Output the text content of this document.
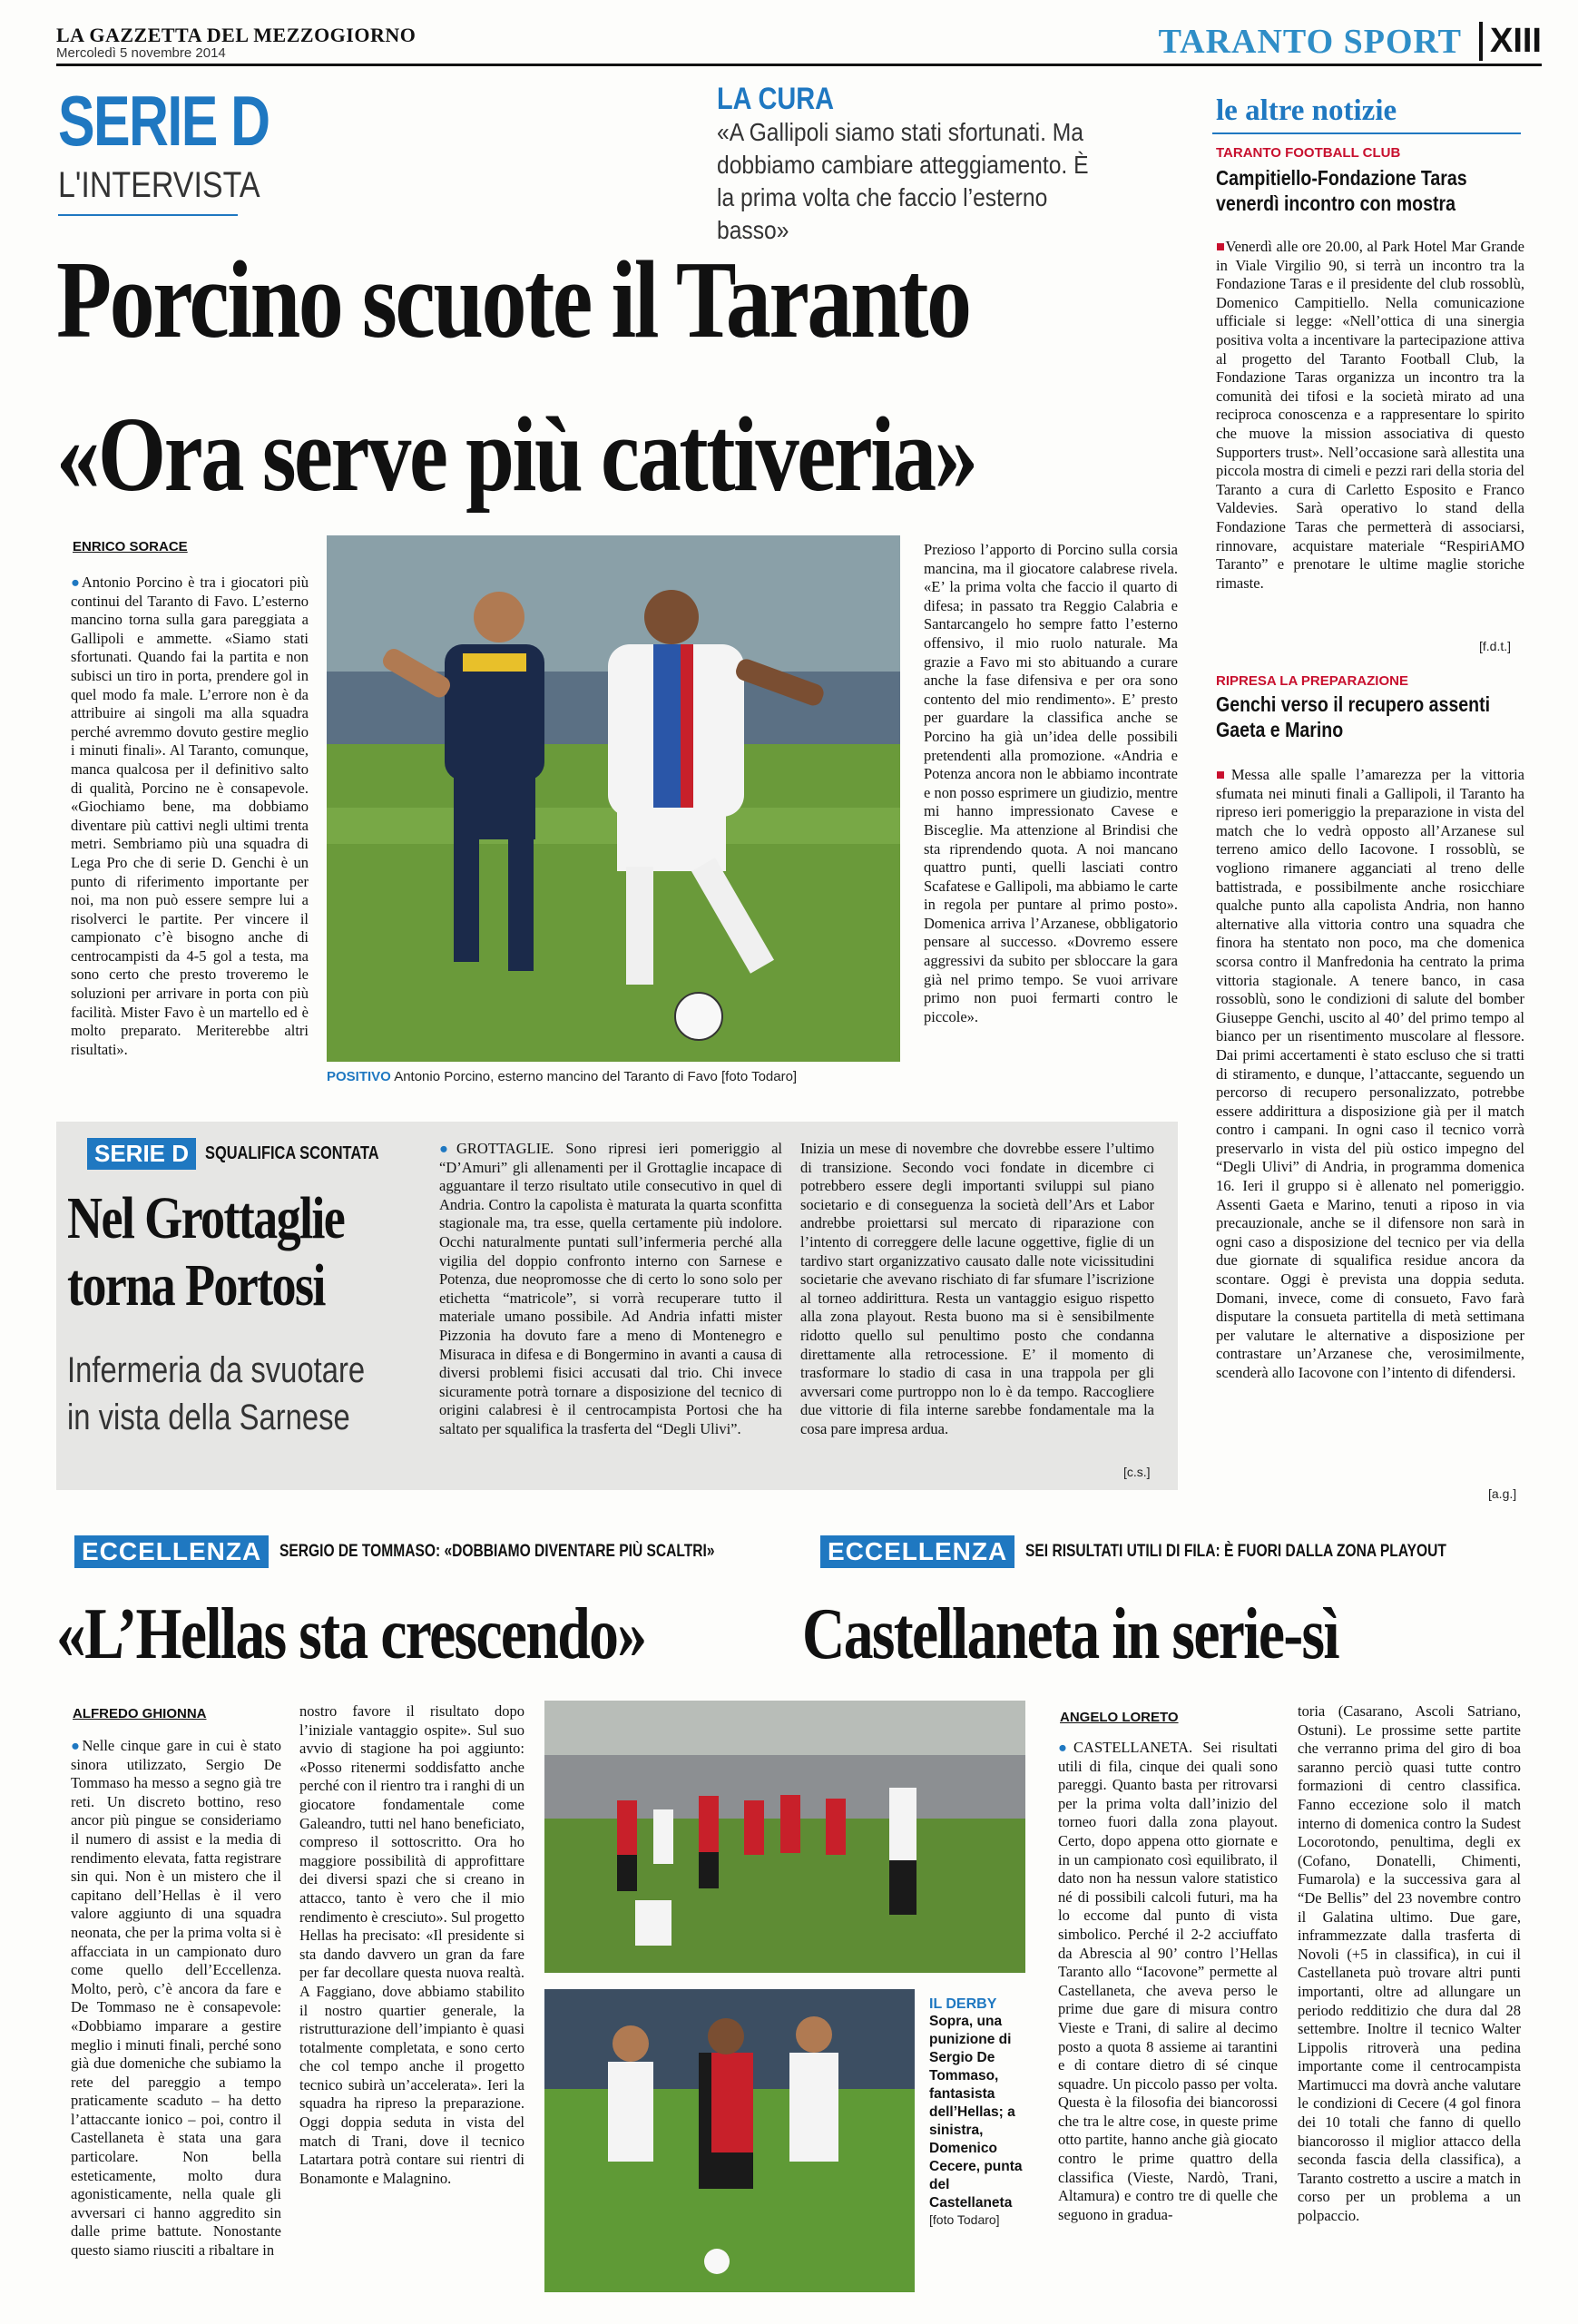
LA GAZZETTA DEL MEZZOGIORNO
Mercoledì 5 novembre 2014	TARANTO SPORT XIII
SERIE D
L'INTERVISTA
LA CURA
«A Gallipoli siamo stati sfortunati. Ma dobbiamo cambiare atteggiamento. È la prima volta che faccio l’esterno basso»
Porcino scuote il Taranto
«Ora serve più cattiveria»
ENRICO SORACE
● Antonio Porcino è tra i giocatori più continui del Taranto di Favo. L’esterno mancino torna sulla gara pareggiata a Gallipoli e ammette. «Siamo stati sfortunati. Quando fai la partita e non subisci un tiro in porta, prendere gol in quel modo fa male. L’errore non è da attribuire ai singoli ma alla squadra perché avremmo dovuto gestire meglio i minuti finali». Al Taranto, comunque, manca qualcosa per il definitivo salto di qualità, Porcino ne è consapevole. «Giochiamo bene, ma dobbiamo diventare più cattivi negli ultimi trenta metri. Sembriamo più una squadra di Lega Pro che di serie D. Genchi è un punto di riferimento importante per noi, ma non può essere sempre lui a risolverci le partite. Per vincere il campionato c’è bisogno anche di centrocampisti da 4-5 gol a testa, ma sono certo che presto troveremo le soluzioni per arrivare in porta con più facilità. Mister Favo è un martello ed è molto preparato. Meriterebbe altri risultati».
POSITIVO Antonio Porcino, esterno mancino del Taranto di Favo [foto Todaro]
Prezioso l’apporto di Porcino sulla corsia mancina, ma il giocatore calabrese rivela. «E’ la prima volta che faccio il quarto di difesa; in passato tra Reggio Calabria e Santarcangelo ho sempre fatto l’esterno offensivo, il mio ruolo naturale. Ma grazie a Favo mi sto abituando a curare anche la fase difensiva e per ora sono contento del mio rendimento». E’ presto per guardare la classifica anche se Porcino ha già un’idea delle possibili pretendenti alla promozione. «Andria e Potenza ancora non le abbiamo incontrate e non posso esprimere un giudizio, mentre mi hanno impressionato Cavese e Bisceglie. Ma attenzione al Brindisi che sta riprendendo quota. A noi mancano quattro punti, quelli lasciati contro Scafatese e Gallipoli, ma abbiamo le carte in regola per puntare al primo posto». Domenica arriva l’Arzanese, obbligatorio pensare al successo. «Dovremo essere aggressivi da subito per sbloccare la gara già nel primo tempo. Se vuoi arrivare primo non puoi fermarti contro le piccole».
le altre notizie
TARANTO FOOTBALL CLUB
Campitiello-Fondazione Taras venerdì incontro con mostra
■ Venerdì alle ore 20.00, al Park Hotel Mar Grande in Viale Virgilio 90, si terrà un incontro tra la Fondazione Taras e il presidente del club rossoblù, Domenico Campitiello. Nella comunicazione ufficiale si legge: «Nell’ottica di una sinergia positiva volta a incentivare la partecipazione attiva al progetto del Taranto Football Club, la Fondazione Taras organizza un incontro tra la comunità dei tifosi e la società mirato ad una reciproca conoscenza e a rappresentare lo spirito che muove la mission associativa di questo Supporters trust». Nell’occasione sarà allestita una piccola mostra di cimeli e pezzi rari della storia del Taranto a cura di Carletto Esposito e Franco Valdevies. Sarà operativo lo stand della Fondazione Taras che permetterà di associarsi, rinnovare, acquistare materiale “RespiriAMO Taranto” e prenotare le ultime maglie storiche rimaste.
[f.d.t.]
RIPRESA LA PREPARAZIONE
Genchi verso il recupero assenti Gaeta e Marino
■ Messa alle spalle l’amarezza per la vittoria sfumata nei minuti finali a Gallipoli, il Taranto ha ripreso ieri pomeriggio la preparazione in vista del match che lo vedrà opposto all’Arzanese sul terreno amico dello Iacovone. I rossoblù, se vogliono rimanere agganciati al treno delle battistrada, e possibilmente anche rosicchiare qualche punto alla capolista Andria, non hanno alternative alla vittoria contro una squadra che finora ha stentato non poco, ma che domenica scorsa contro il Manfredonia ha centrato la prima vittoria stagionale. A tenere banco, in casa rossoblù, sono le condizioni di salute del bomber Giuseppe Genchi, uscito al 40’ del primo tempo al bianco per un risentimento muscolare al flessore. Dai primi accertamenti è stato escluso che si tratti di stiramento, e dunque, l’attaccante, seguendo un percorso di recupero personalizzato, potrebbe essere addirittura a disposizione già per il match contro i campani. In ogni caso il tecnico vorrà preservarlo in vista del più ostico impegno del “Degli Ulivi” di Andria, in programma domenica 16. Ieri il gruppo si è allenato nel pomeriggio. Assenti Gaeta e Marino, tenuti a riposo in via precauzionale, anche se il difensore non sarà in ogni caso a disposizione del tecnico per via della due giornate di squalifica residue ancora da scontare. Oggi è prevista una doppia seduta. Domani, invece, come di consueto, Favo farà disputare la consueta partitella di metà settimana per valutare le alternative a disposizione per contrastare un’Arzanese che, verosimilmente, scenderà allo Iacovone con l’intento di difendersi.
[a.g.]
SERIE D SQUALIFICA SCONTATA
Nel Grottaglie torna Portosi
Infermeria da svuotare in vista della Sarnese
● GROTTAGLIE. Sono ripresi ieri pomeriggio al “D’Amuri” gli allenamenti per il Grottaglie incapace di agguantare il terzo risultato utile consecutivo in quel di Andria. Contro la capolista è maturata la quarta sconfitta stagionale ma, tra esse, quella certamente più indolore. Occhi naturalmente puntati sull’infermeria perché alla vigilia del doppio confronto interno con Sarnese e Potenza, due neopromosse che di certo lo sono solo per etichetta “matricole”, si vorrà recuperare tutto il materiale umano possibile. Ad Andria infatti mister Pizzonia ha dovuto fare a meno di Montenegro e Misuraca in difesa e di Bongermino in avanti a causa di diversi problemi fisici accusati dal trio. Chi invece sicuramente potrà tornare a disposizione del tecnico di origini calabresi è il centrocampista Portosi che ha saltato per squalifica la trasferta del “Degli Ulivi”.
Inizia un mese di novembre che dovrebbe essere l’ultimo di transizione. Secondo voci fondate in dicembre ci potrebbero essere degli importanti sviluppi sul piano societario e di conseguenza la società dell’Ars et Labor andrebbe proiettarsi sul mercato di riparazione con l’intento di correggere delle lacune oggettive, figlie di un tardivo start organizzativo causato dalle note vicissitudini societarie che avevano rischiato di far sfumare l’iscrizione al torneo addirittura. Resta un vantaggio esiguo rispetto alla zona playout. Resta buono ma si è sensibilmente ridotto quello sul penultimo posto che condanna direttamente alla retrocessione. E’ il momento di trasformare lo stadio di casa in una trappola per gli avversari come purtroppo non lo è da tempo. Raccogliere due vittorie di fila interne sarebbe fondamentale ma la cosa pare impresa ardua.
[c.s.]
ECCELLENZA	SERGIO DE TOMMASO: «DOBBIAMO DIVENTARE PIÙ SCALTRI»
«L’Hellas sta crescendo»
ALFREDO GHIONNA
● Nelle cinque gare in cui è stato sinora utilizzato, Sergio De Tommaso ha messo a segno già tre reti. Un discreto bottino, reso ancor più pingue se consideriamo il numero di assist e la media di rendimento elevata, fatta registrare sin qui. Non è un mistero che il capitano dell’Hellas è il vero valore aggiunto di una squadra neonata, che per la prima volta si è affacciata in un campionato duro come quello dell’Eccellenza. Molto, però, c’è ancora da fare e De Tommaso ne è consapevole: «Dobbiamo imparare a gestire meglio i minuti finali, perché sono già due domeniche che subiamo la rete del pareggio a tempo praticamente scaduto – ha detto l’attaccante ionico – poi, contro il Castellaneta è stata una gara particolare. Non bella esteticamente, molto dura agonisticamente, nella quale gli avversari ci hanno aggredito sin dalle prime battute. Nonostante questo siamo riusciti a ribaltare in
nostro favore il risultato dopo l’iniziale vantaggio ospite». Sul suo avvio di stagione ha poi aggiunto: «Posso ritenermi soddisfatto anche perché con il rientro tra i ranghi di un giocatore fondamentale come Galeandro, tutti nel hano beneficiato, compreso il sottoscritto. Ora ho maggiore possibilità di approfittare dei diversi spazi che si creano in attacco, tanto è vero che il mio rendimento è cresciuto». Sul progetto Hellas ha precisato: «Il presidente si sta dando davvero un gran da fare per far decollare questa nuova realtà. A Faggiano, dove abbiamo stabilito il nostro quartier generale, la ristrutturazione dell’impianto è quasi totalmente completata, e sono certo che col tempo anche il progetto tecnico subirà un’accelerata». Ieri la squadra ha ripreso la preparazione. Oggi doppia seduta in vista del match di Trani, dove il tecnico Latartara potrà contare sui rientri di Bonamonte e Malagnino.
IL DERBY
Sopra, una punizione di Sergio De Tommaso, fantasista dell’Hellas; a sinistra, Domenico Cecere, punta del Castellaneta
[foto Todaro]
ECCELLENZA	SEI RISULTATI UTILI DI FILA: È FUORI DALLA ZONA PLAYOUT
Castellaneta in serie-sì
ANGELO LORETO
● CASTELLANETA. Sei risultati utili di fila, cinque dei quali sono pareggi. Quanto basta per ritrovarsi per la prima volta dall’inizio del torneo fuori dalla zona playout. Certo, dopo appena otto giornate e in un campionato così equilibrato, il dato non ha nessun valore statistico né di possibili calcoli futuri, ma ha lo eccome dal punto di vista simbolico. Perché il 2-2 acciuffato da Abrescia al 90’ contro l’Hellas Taranto allo “Iacovone” permette al Castellaneta, che aveva perso le prime due gare di misura contro Vieste e Trani, di salire al decimo posto a quota 8 assieme ai tarantini e di contare dietro di sé cinque squadre. Un piccolo passo per volta. Questa è la filosofia dei biancorossi che tra le altre cose, in queste prime otto partite, hanno anche già giocato contro le prime quattro della classifica (Vieste, Nardò, Trani, Altamura) e contro tre di quelle che seguono in gradua-
toria (Casarano, Ascoli Satriano, Ostuni). Le prossime sette partite che verranno prima del giro di boa saranno perciò quasi tutte contro formazioni di centro classifica. Fanno eccezione solo il match interno di domenica contro la Sudest Locorotondo, penultima, degli ex (Cofano, Donatelli, Chimenti, Fumarola) e la successiva gara al “De Bellis” del 23 novembre contro il Galatina ultimo. Due gare, inframmezzate dalla trasferta di Novoli (+5 in classifica), in cui il Castellaneta può trovare altri punti importanti, oltre ad allungare un periodo redditizio che dura dal 28 settembre. Inoltre il tecnico Walter Lippolis ritroverà una pedina importante come il centrocampista Martimucci ma dovrà anche valutare le condizioni di Cecere (4 gol finora dei 10 totali che fanno di quello biancorosso il miglior attacco della seconda fascia della classifica), a Taranto costretto a uscire a match in corso per un problema a un polpaccio.
